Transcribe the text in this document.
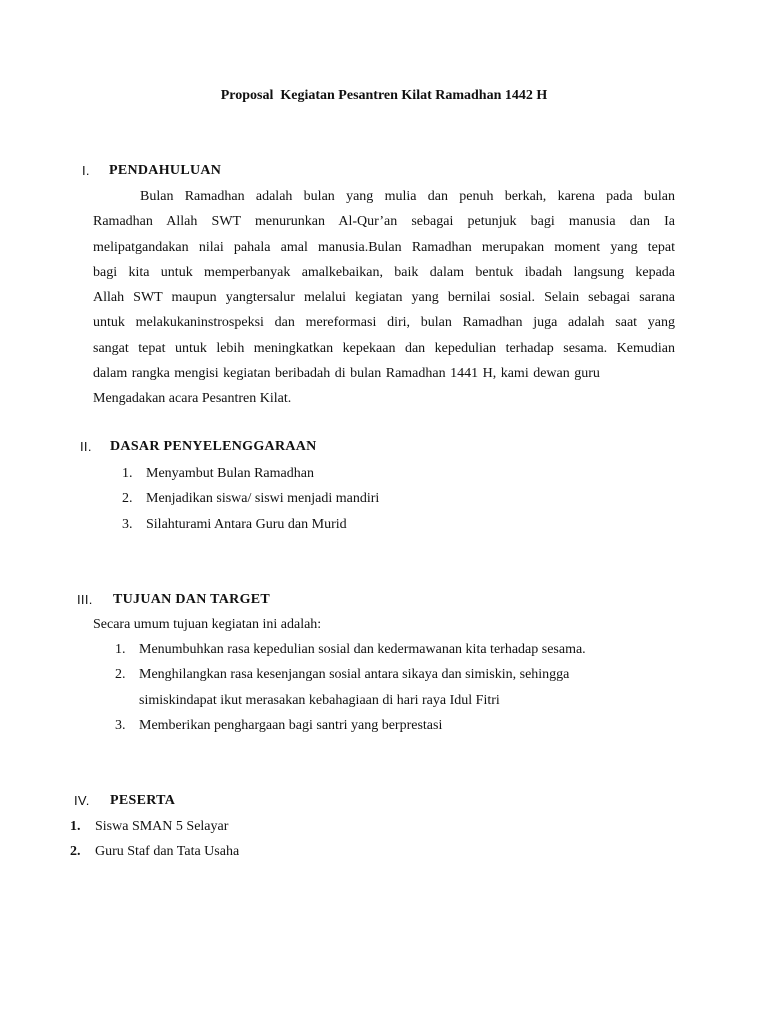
Proposal  Kegiatan Pesantren Kilat Ramadhan 1442 H
I. PENDAHULUAN
Bulan Ramadhan adalah bulan yang mulia dan penuh berkah, karena pada bulan
Ramadhan Allah SWT menurunkan Al-Qur’an sebagai petunjuk bagi manusia dan Ia
melipatgandakan nilai pahala amal manusia.Bulan Ramadhan merupakan moment yang tepat
bagi kita untuk memperbanyak amalkebaikan, baik dalam bentuk ibadah langsung kepada
Allah SWT maupun yangtersalur melalui kegiatan yang bernilai sosial. Selain sebagai sarana
untuk melakukaninstrospeksi dan mereformasi diri, bulan Ramadhan juga adalah saat yang
sangat tepat untuk lebih meningkatkan kepekaan dan kepedulian terhadap sesama. Kemudian
dalam rangka mengisi kegiatan beribadah di bulan Ramadhan 1441 H, kami dewan guru
Mengadakan acara Pesantren Kilat.
II. DASAR PENYELENGGARAAN
1. Menyambut Bulan Ramadhan
2. Menjadikan siswa/ siswi menjadi mandiri
3. Silahturami Antara Guru dan Murid
III. TUJUAN DAN TARGET
Secara umum tujuan kegiatan ini adalah:
1. Menumbuhkan rasa kepedulian sosial dan kedermawanan kita terhadap sesama.
2. Menghilangkan rasa kesenjangan sosial antara sikaya dan simiskin, sehingga
simiskindapat ikut merasakan kebahagiaan di hari raya Idul Fitri
3. Memberikan penghargaan bagi santri yang berprestasi
IV. PESERTA
1. Siswa SMAN 5 Selayar
2. Guru Staf dan Tata Usaha
